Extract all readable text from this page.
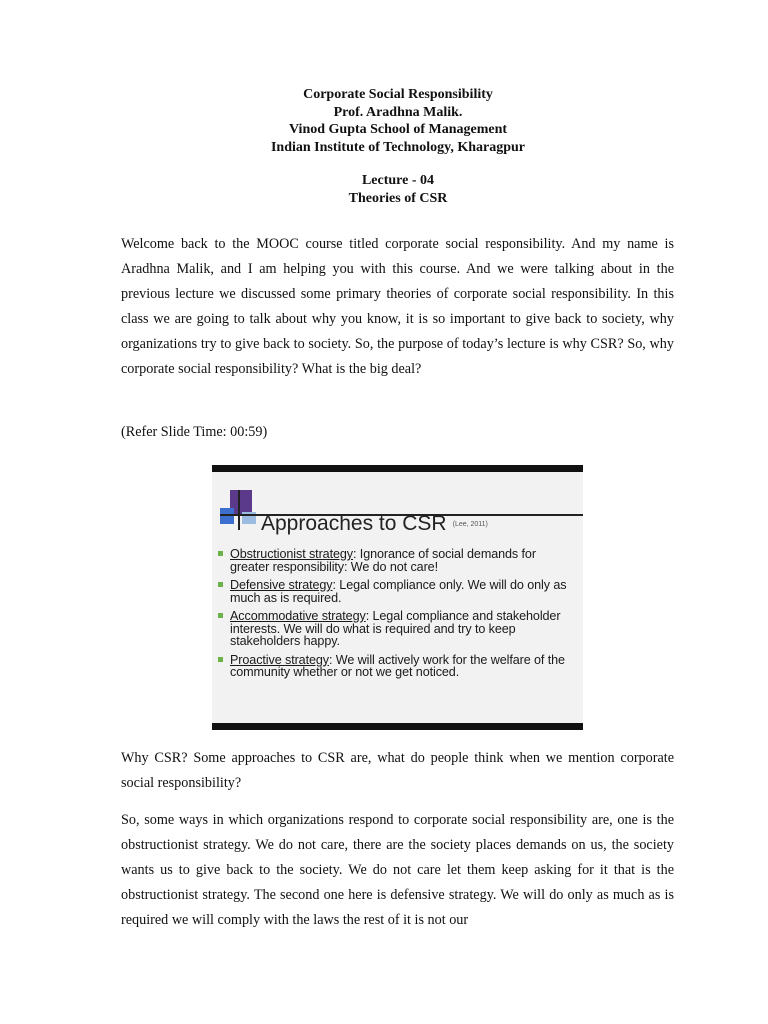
Corporate Social Responsibility
Prof. Aradhna Malik.
Vinod Gupta School of Management
Indian Institute of Technology, Kharagpur
Lecture - 04
Theories of CSR
Welcome back to the MOOC course titled corporate social responsibility. And my name is Aradhna Malik, and I am helping you with this course. And we were talking about in the previous lecture we discussed some primary theories of corporate social responsibility. In this class we are going to talk about why you know, it is so important to give back to society, why organizations try to give back to society. So, the purpose of today’s lecture is why CSR? So, why corporate social responsibility? What is the big deal?
(Refer Slide Time: 00:59)
Approaches to CSR (Lee, 2011)
Obstructionist strategy: Ignorance of social demands for greater responsibility: We do not care!
Defensive strategy: Legal compliance only. We will do only as much as is required.
Accommodative strategy: Legal compliance and stakeholder interests. We will do what is required and try to keep stakeholders happy.
Proactive strategy: We will actively work for the welfare of the community whether or not we get noticed.
Why CSR? Some approaches to CSR are, what do people think when we mention corporate social responsibility?
So, some ways in which organizations respond to corporate social responsibility are, one is the obstructionist strategy. We do not care, there are the society places demands on us, the society wants us to give back to the society. We do not care let them keep asking for it that is the obstructionist strategy. The second one here is defensive strategy. We will do only as much as is required we will comply with the laws the rest of it is not our
